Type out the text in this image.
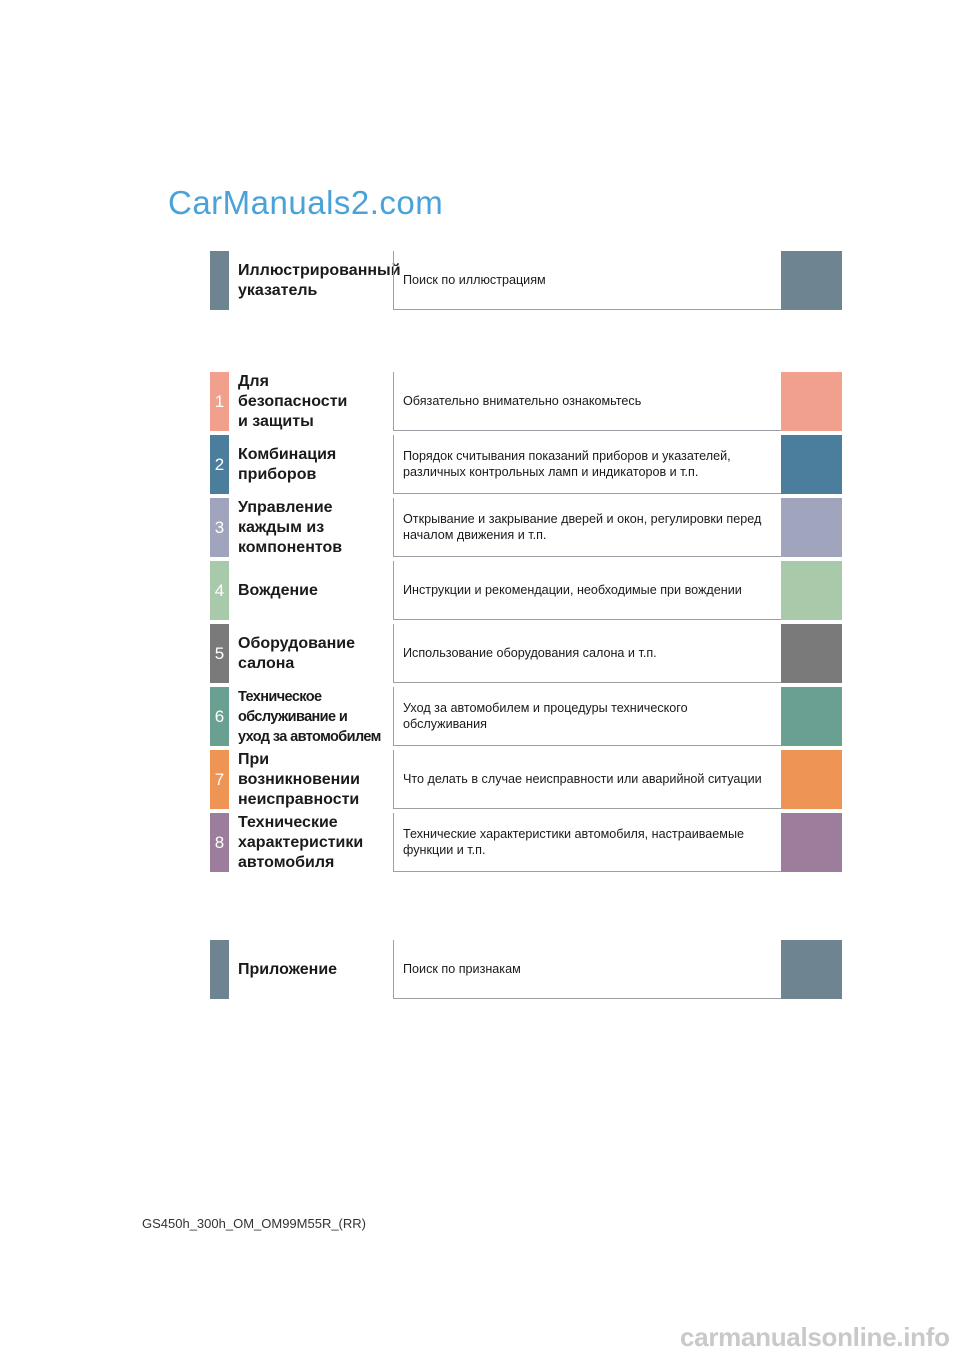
CarManuals2.com
Иллюстрированный
указатель
Поиск по иллюстрациям
1
Для
безопасности
и защиты
Обязательно внимательно ознакомьтесь
2
Комбинация
приборов
Порядок считывания показаний приборов и указателей, различных контрольных ламп и индикаторов и т.п.
3
Управление
каждым из
компонентов
Открывание и закрывание дверей и окон, регулировки перед началом движения и т.п.
4 Вождение	Инструкции и рекомендации, необходимые при вождении
5
Оборудование
салона
Использование оборудования салона и т.п.
6
Техническое
обслуживание и
уход за автомобилем
Уход за автомобилем и процедуры технического обслуживания
7
При
возникновении
неисправности
Что делать в случае неисправности или аварийной ситуации
8
Технические
характеристики
автомобиля
Технические характеристики автомобиля, настраиваемые функции и т.п.
Приложение	Поиск по признакам
GS450h_300h_OM_OM99M55R_(RR)
carmanualsonline.info
